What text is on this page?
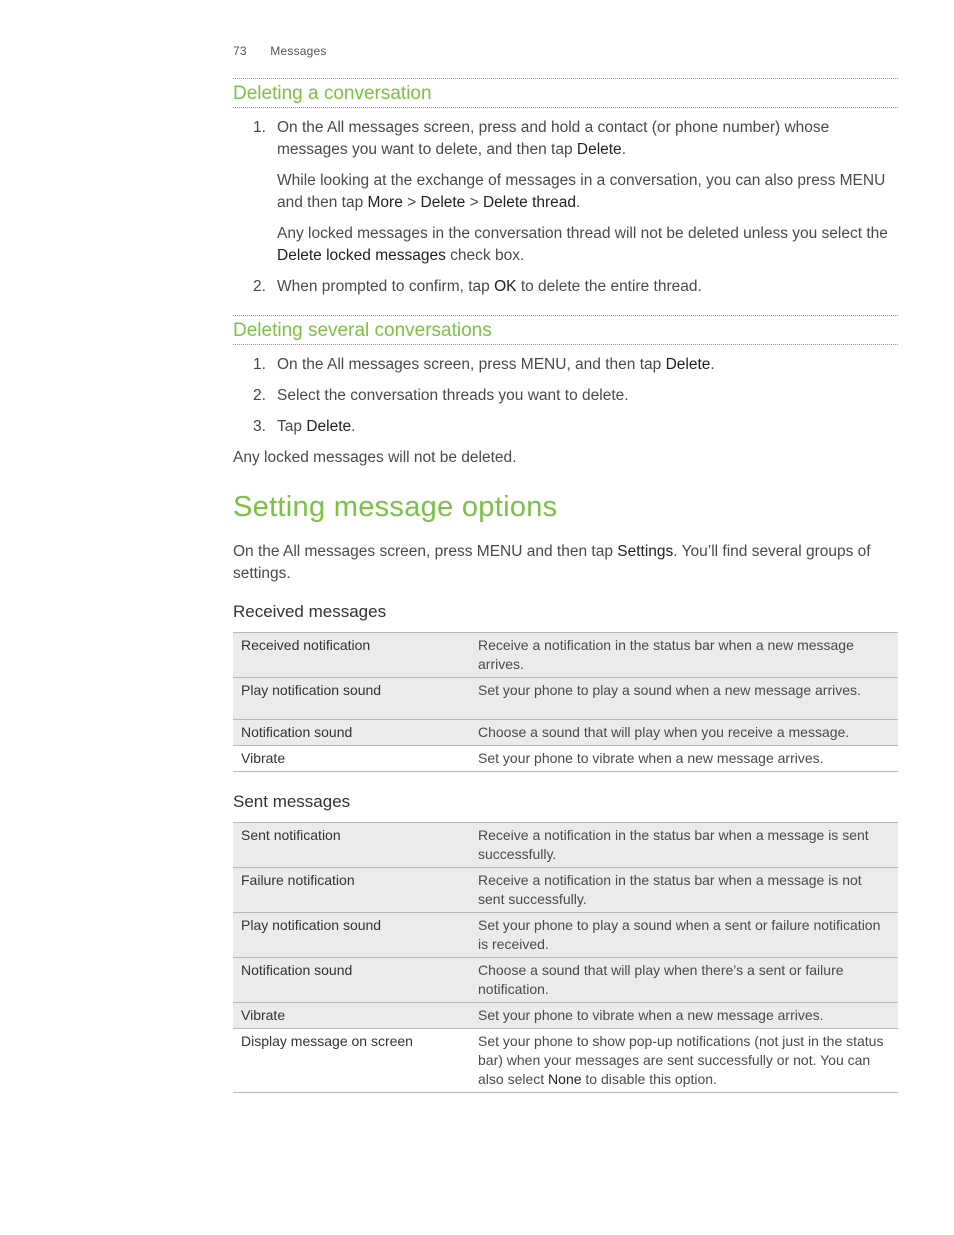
73 Messages
Deleting a conversation
1. On the All messages screen, press and hold a contact (or phone number) whose messages you want to delete, and then tap Delete.

While looking at the exchange of messages in a conversation, you can also press MENU and then tap More > Delete > Delete thread.

Any locked messages in the conversation thread will not be deleted unless you select the Delete locked messages check box.

2. When prompted to confirm, tap OK to delete the entire thread.

Deleting several conversations
1. On the All messages screen, press MENU, and then tap Delete.

2. Select the conversation threads you want to delete.

3. Tap Delete.

Any locked messages will not be deleted.

Setting message options

On the All messages screen, press MENU and then tap Settings. You’ll find several groups of settings.

Received messages
Received notification	Receive a notification in the status bar when a new message arrives.
Play notification sound	Set your phone to play a sound when a new message arrives.
Notification sound	Choose a sound that will play when you receive a message.
Vibrate	Set your phone to vibrate when a new message arrives.
Sent messages
Sent notification	Receive a notification in the status bar when a message is sent successfully.
Failure notification	Receive a notification in the status bar when a message is not sent successfully.
Play notification sound	Set your phone to play a sound when a sent or failure notification is received.
Notification sound	Choose a sound that will play when there’s a sent or failure notification.
Vibrate	Set your phone to vibrate when a new message arrives.
Display message on screen	Set your phone to show pop-up notifications (not just in the status bar) when your messages are sent successfully or not. You can also select None to disable this option.
